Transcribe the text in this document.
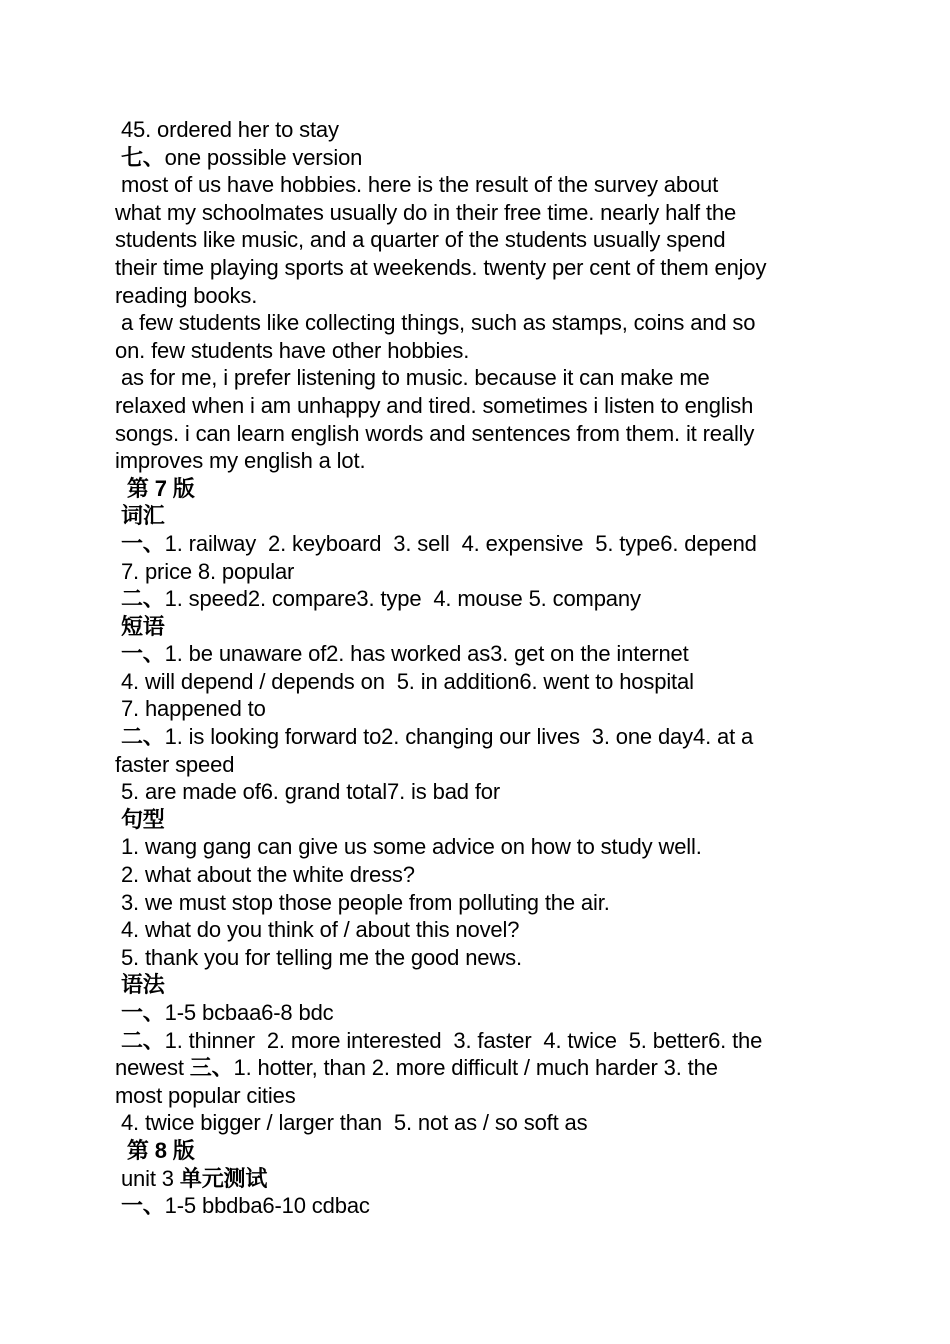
45. ordered her to stay
七、one possible version
most of us have hobbies. here is the result of the survey about
what my schoolmates usually do in their free time. nearly half the
students like music, and a quarter of the students usually spend
their time playing sports at weekends. twenty per cent of them enjoy
reading books.
a few students like collecting things, such as stamps, coins and so
on. few students have other hobbies.
as for me, i prefer listening to music. because it can make me
relaxed when i am unhappy and tired. sometimes i listen to english
songs. i can learn english words and sentences from them. it really
improves my english a lot.
第 7 版
词汇
一、1. railway  2. keyboard  3. sell  4. expensive  5. type6. depend
7. price 8. popular
二、1. speed2. compare3. type  4. mouse 5. company
短语
一、1. be unaware of2. has worked as3. get on the internet
4. will depend / depends on  5. in addition6. went to hospital
7. happened to
二、1. is looking forward to2. changing our lives  3. one day4. at a
faster speed
5. are made of6. grand total7. is bad for
句型
1. wang gang can give us some advice on how to study well.
2. what about the white dress?
3. we must stop those people from polluting the air.
4. what do you think of / about this novel?
5. thank you for telling me the good news.
语法
一、1-5 bcbaa6-8 bdc
二、1. thinner  2. more interested  3. faster  4. twice  5. better6. the
newest 三、1. hotter, than 2. more difficult / much harder 3. the
most popular cities
4. twice bigger / larger than  5. not as / so soft as
第 8 版
unit 3 单元测试
一、1-5 bbdba6-10 cdbac
